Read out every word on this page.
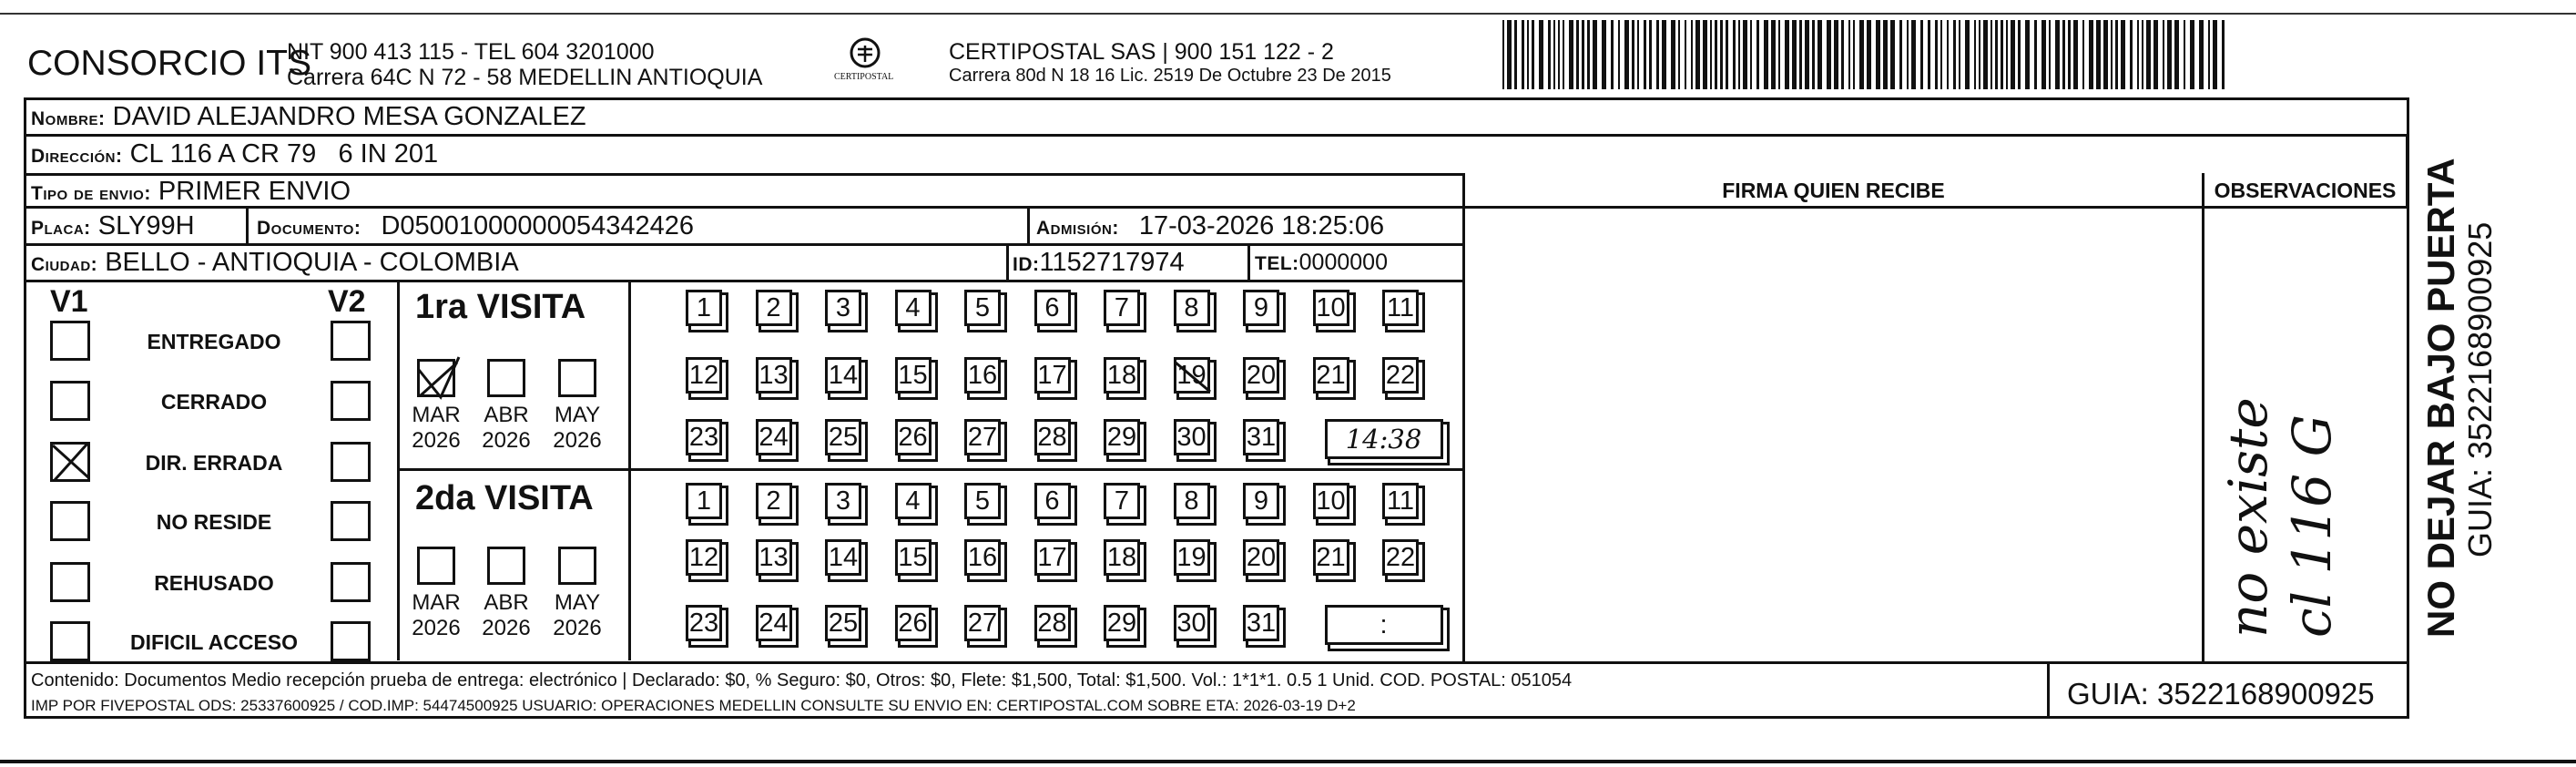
CONSORCIO ITS
NIT 900 413 115 - TEL 604 3201000
Carrera 64C N 72 - 58 MEDELLIN ANTIOQUIA	CERTIPOSTAL
CERTIPOSTAL SAS | 900 151 122 - 2
Carrera 80d N 18 16 Lic. 2519 De Octubre 23 De 2015
Nombre: DAVID ALEJANDRO MESA GONZALEZ
Dirección: CL 116 A CR 79   6 IN 201
Tipo de envio: PRIMER ENVIO
Placa: SLY99H	Documento: D05001000000054342426	Admisión: 17-03-2026 18:25:06
Ciudad: BELLO - ANTIOQUIA - COLOMBIA	ID:1152717974	TEL:0000000
FIRMA QUIEN RECIBE	OBSERVACIONES
V1	V2
ENTREGADO
CERRADO
DIR. ERRADA
NO RESIDE
REHUSADO
DIFICIL ACCESO
1ra VISITA
MAR
2026
ABR
2026
MAY
2026
1 2 3 4 5 6 7 8 9 10 11
12 13 14 15 16 17 18 19 20 21 22
23 24 25 26 27 28 29 30 31	14:38
2da VISITA
MAR
2026
ABR
2026
MAY
2026
1 2 3 4 5 6 7 8 9 10 11
12 13 14 15 16 17 18 19 20 21 22
23 24 25 26 27 28 29 30 31	:	no existe cl 116 G NO DEJAR BAJO PUERTA GUIA: 3522168900925
Contenido: Documentos Medio recepción prueba de entrega: electrónico | Declarado: $0, % Seguro: $0, Otros: $0, Flete: $1,500, Total: $1,500. Vol.: 1*1*1. 0.5 1 Unid. COD. POSTAL: 051054
IMP POR FIVEPOSTAL ODS: 25337600925 / COD.IMP: 54474500925 USUARIO: OPERACIONES MEDELLIN CONSULTE SU ENVIO EN: CERTIPOSTAL.COM SOBRE ETA: 2026-03-19 D+2	GUIA: 3522168900925
